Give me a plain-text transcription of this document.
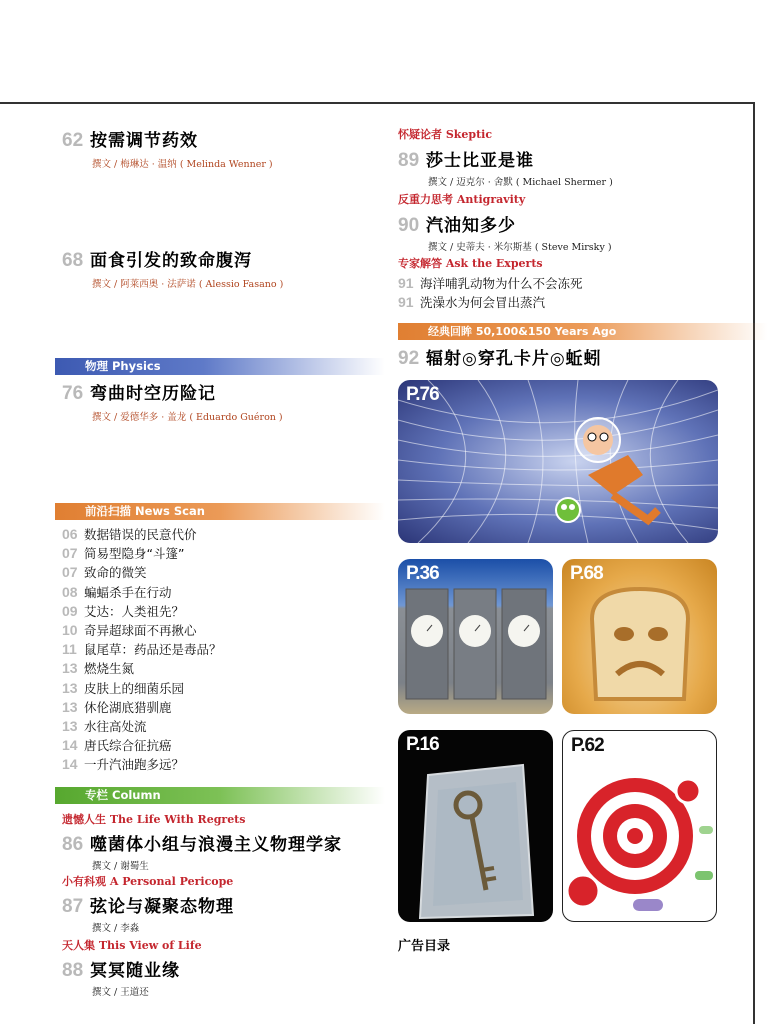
62 按需调节药效
撰文 / 梅琳达 · 温纳 ( Melinda Wenner )
68 面食引发的致命腹泻
撰文 / 阿莱西奥 · 法萨诺 ( Alessio Fasano )
物理 Physics
76 弯曲时空历险记
撰文 / 爱德华多 · 盖龙 ( Eduardo Guéron )
前沿扫描 News Scan
06 数据错误的民意代价
07 简易型隐身“斗篷”
07 致命的微笑
08 蝙蝠杀手在行动
09 艾达：人类祖先？
10 奇异超球面不再揪心
11 鼠尾草：药品还是毒品？
13 燃烧生氮
13 皮肤上的细菌乐园
13 休伦湖底猎驯鹿
13 水往高处流
14 唐氏综合征抗癌
14 一升汽油跑多远？
专栏 Column
遗憾人生 The Life With Regrets
86 噬菌体小组与浪漫主义物理学家
撰文 / 谢蜀生
小有科观 A Personal Pericope
87 弦论与凝聚态物理
撰文 / 李淼
天人集 This View of Life
88 冥冥随业缘
撰文 / 王道还
怀疑论者 Skeptic
89 莎士比亚是谁
撰文 / 迈克尔 · 舍默 ( Michael Shermer )
反重力思考 Antigravity
90 汽油知多少
撰文 / 史蒂夫 · 米尔斯基 ( Steve Mirsky )
专家解答 Ask the Experts
91 海洋哺乳动物为什么不会冻死
91 洗澡水为何会冒出蒸汽
经典回眸 50,100&150 Years Ago
92 辐射◎穿孔卡片◎蚯蚓
P.76
P.36	P.68
P.16	P.62
广告目录
